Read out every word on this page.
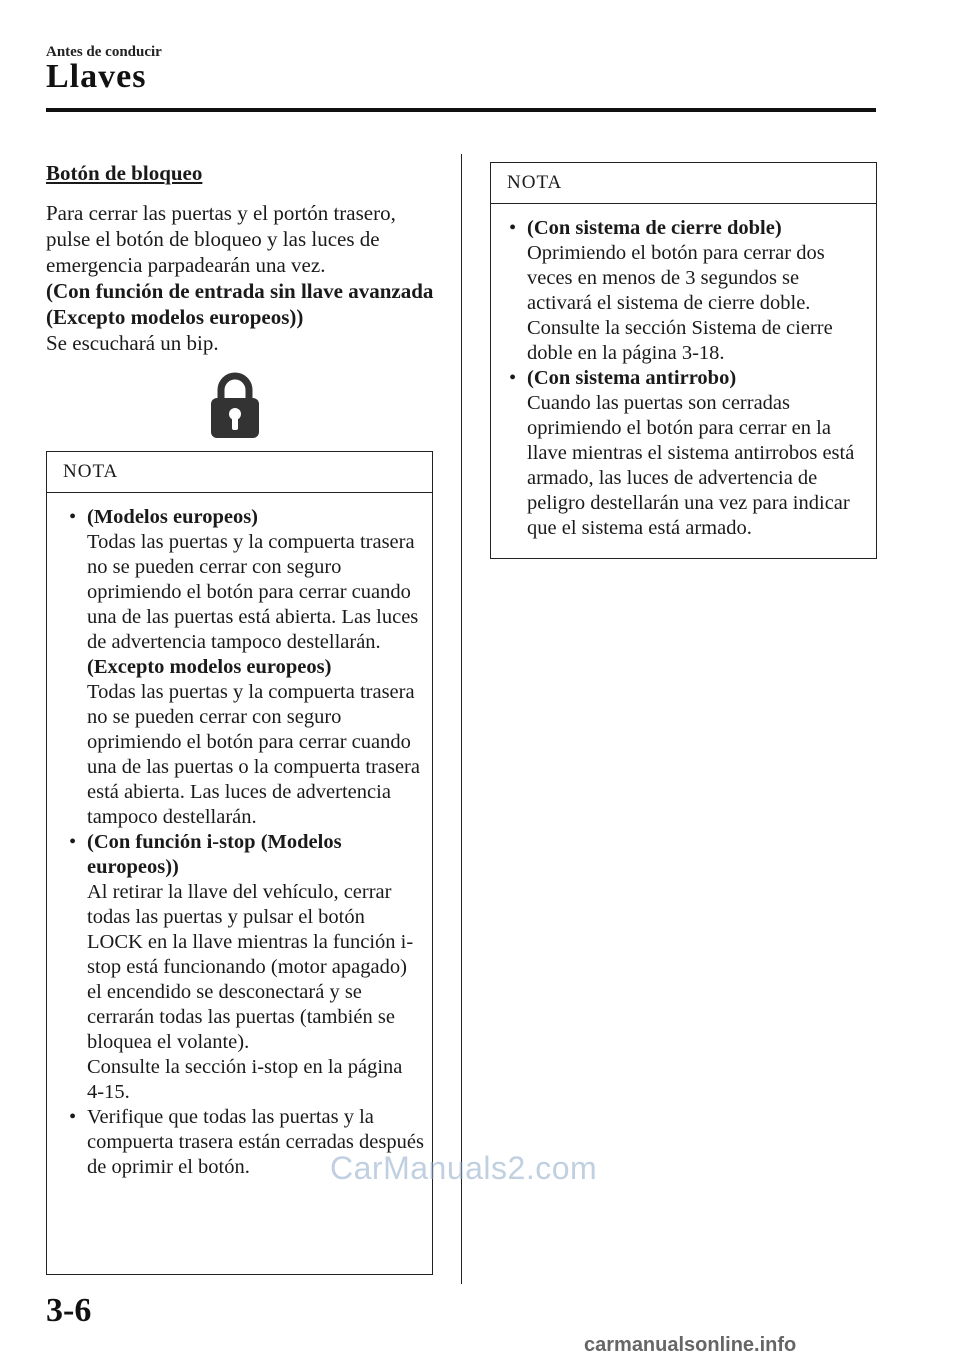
Antes de conducir
Llaves
Botón de bloqueo

Para cerrar las puertas y el portón trasero, pulse el botón de bloqueo y las luces de emergencia parpadearán una vez.

(Con función de entrada sin llave avanzada (Excepto modelos europeos))

Se escuchará un bip.

NOTA
• (Modelos europeos)
Todas las puertas y la compuerta trasera no se pueden cerrar con seguro oprimiendo el botón para cerrar cuando una de las puertas está abierta. Las luces de advertencia tampoco destellarán.
(Excepto modelos europeos)
Todas las puertas y la compuerta trasera no se pueden cerrar con seguro oprimiendo el botón para cerrar cuando una de las puertas o la compuerta trasera está abierta. Las luces de advertencia tampoco destellarán.
• (Con función i-stop (Modelos europeos))
Al retirar la llave del vehículo, cerrar todas las puertas y pulsar el botón LOCK en la llave mientras la función i-stop está funcionando (motor apagado) el encendido se desconectará y se cerrarán todas las puertas (también se bloquea el volante).
Consulte la sección i-stop en la página 4-15.
• Verifique que todas las puertas y la compuerta trasera están cerradas después de oprimir el botón.
NOTA
• (Con sistema de cierre doble)
Oprimiendo el botón para cerrar dos veces en menos de 3 segundos se activará el sistema de cierre doble. Consulte la sección Sistema de cierre doble en la página 3-18.
• (Con sistema antirrobo)
Cuando las puertas son cerradas oprimiendo el botón para cerrar en la llave mientras el sistema antirrobos está armado, las luces de advertencia de peligro destellarán una vez para indicar que el sistema está armado.
3-6
CarManuals2.com
carmanualsonline.info
